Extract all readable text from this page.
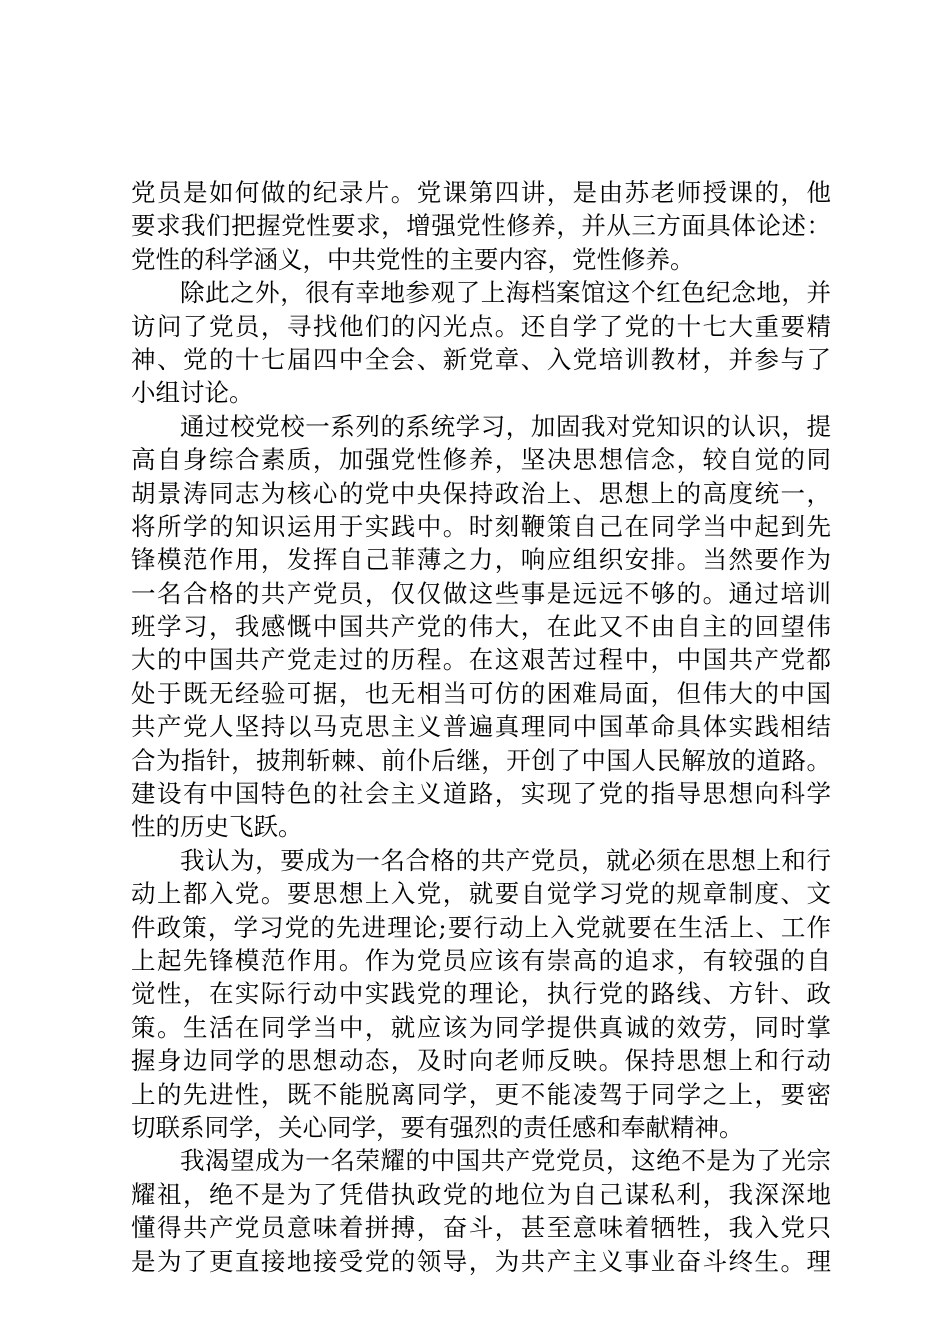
党员是如何做的纪录片。党课第四讲，是由苏老师授课的，他
要求我们把握党性要求，增强党性修养，并从三方面具体论述：
党性的科学涵义，中共党性的主要内容，党性修养。
除此之外，很有幸地参观了上海档案馆这个红色纪念地，并
访问了党员，寻找他们的闪光点。还自学了党的十七大重要精
神、党的十七届四中全会、新党章、入党培训教材，并参与了
小组讨论。
通过校党校一系列的系统学习，加固我对党知识的认识，提
高自身综合素质，加强党性修养，坚决思想信念，较自觉的同
胡景涛同志为核心的党中央保持政治上、思想上的高度统一，
将所学的知识运用于实践中。时刻鞭策自己在同学当中起到先
锋模范作用，发挥自己菲薄之力，响应组织安排。当然要作为
一名合格的共产党员，仅仅做这些事是远远不够的。通过培训
班学习，我感慨中国共产党的伟大，在此又不由自主的回望伟
大的中国共产党走过的历程。在这艰苦过程中，中国共产党都
处于既无经验可据，也无相当可仿的困难局面，但伟大的中国
共产党人坚持以马克思主义普遍真理同中国革命具体实践相结
合为指针，披荆斩棘、前仆后继，开创了中国人民解放的道路。
建设有中国特色的社会主义道路，实现了党的指导思想向科学
性的历史飞跃。
我认为，要成为一名合格的共产党员，就必须在思想上和行
动上都入党。要思想上入党，就要自觉学习党的规章制度、文
件政策，学习党的先进理论;要行动上入党就要在生活上、工作
上起先锋模范作用。作为党员应该有崇高的追求，有较强的自
觉性，在实际行动中实践党的理论，执行党的路线、方针、政
策。生活在同学当中，就应该为同学提供真诚的效劳，同时掌
握身边同学的思想动态，及时向老师反映。保持思想上和行动
上的先进性，既不能脱离同学，更不能凌驾于同学之上，要密
切联系同学，关心同学，要有强烈的责任感和奉献精神。
我渴望成为一名荣耀的中国共产党党员，这绝不是为了光宗
耀祖，绝不是为了凭借执政党的地位为自己谋私利，我深深地
懂得共产党员意味着拼搏，奋斗，甚至意味着牺牲，我入党只
是为了更直接地接受党的领导，为共产主义事业奋斗终生。理
